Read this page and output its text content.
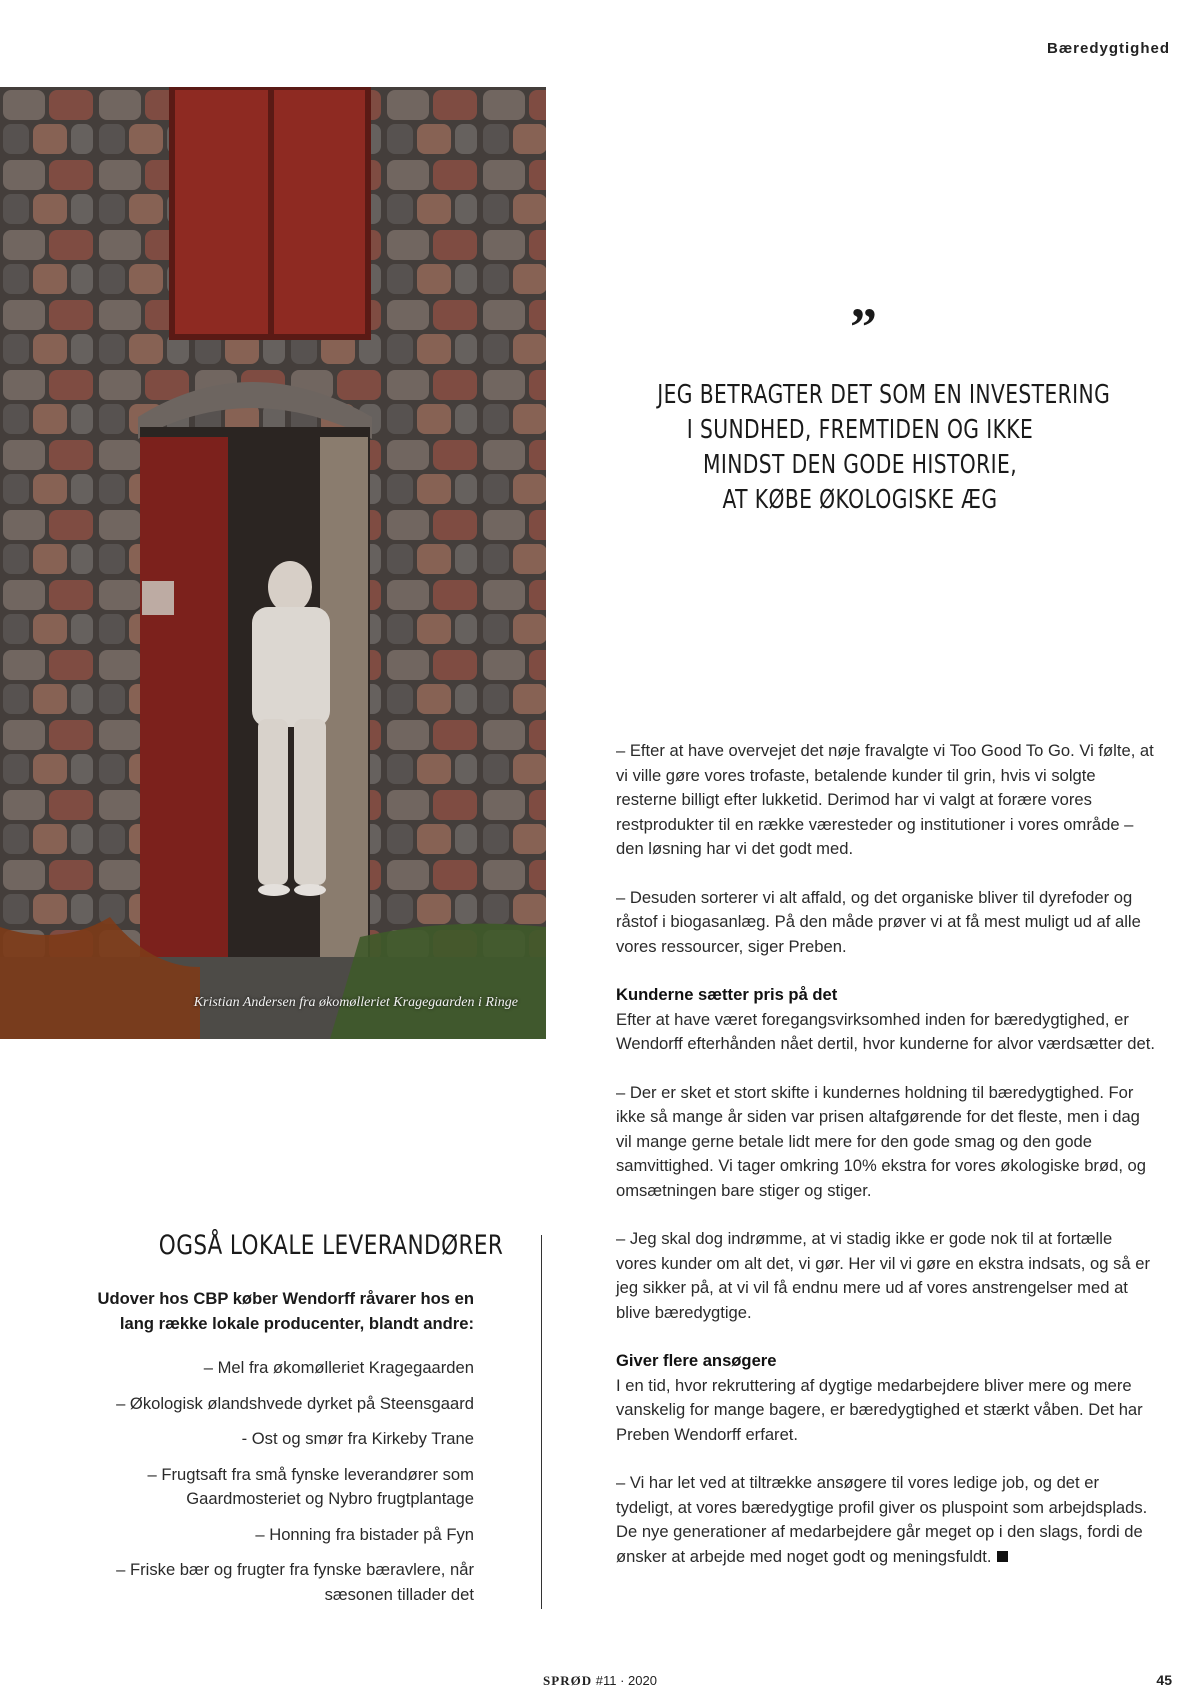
Bæredygtighed
Kristian Andersen fra økomølleriet Kragegaarden i Ringe
”
JEG BETRAGTER DET SOM EN INVESTERING
I SUNDHED, FREMTIDEN OG IKKE
MINDST DEN GODE HISTORIE,
AT KØBE ØKOLOGISKE ÆG

– Efter at have overvejet det nøje fravalgte vi Too Good To Go. Vi følte, at vi ville gøre vores trofaste, betalende kunder til grin, hvis vi solgte resterne billigt efter lukketid. Derimod har vi valgt at forære vores restprodukter til en række væresteder og institutioner i vores område – den løsning har vi det godt med.

– Desuden sorterer vi alt affald, og det organiske bliver til dyrefoder og råstof i biogasanlæg. På den måde prøver vi at få mest muligt ud af alle vores ressourcer, siger Preben.

Kunderne sætter pris på det
Efter at have været foregangsvirksomhed inden for bæredygtighed, er Wendorff efterhånden nået dertil, hvor kunderne for alvor værdsætter det.

– Der er sket et stort skifte i kundernes holdning til bæredygtighed. For ikke så mange år siden var prisen altafgørende for det fleste, men i dag vil mange gerne betale lidt mere for den gode smag og den gode samvittighed. Vi tager omkring 10% ekstra for vores økologiske brød, og omsætningen bare stiger og stiger.

– Jeg skal dog indrømme, at vi stadig ikke er gode nok til at fortælle vores kunder om alt det, vi gør. Her vil vi gøre en ekstra indsats, og så er jeg sikker på, at vi vil få endnu mere ud af vores anstrengelser med at blive bæredygtige.

Giver flere ansøgere
I en tid, hvor rekruttering af dygtige medarbejdere bliver mere og mere vanskelig for mange bagere, er bæredygtighed et stærkt våben. Det har Preben Wendorff erfaret.

– Vi har let ved at tiltrække ansøgere til vores ledige job, og det er tydeligt, at vores bæredygtige profil giver os pluspoint som arbejdsplads. De nye generationer af medarbejdere går meget op i den slags, fordi de ønsker at arbejde med noget godt og meningsfuldt.

OGSÅ LOKALE LEVERANDØRER

Udover hos CBP køber Wendorff råvarer hos en lang række lokale producenter, blandt andre:

– Mel fra økomølleriet Kragegaarden
– Økologisk ølandshvede dyrket på Steensgaard
- Ost og smør fra Kirkeby Trane
– Frugtsaft fra små fynske leverandører som Gaardmosteriet og Nybro frugtplantage
– Honning fra bistader på Fyn
– Friske bær og frugter fra fynske bæravlere, når sæsonen tillader det
SPRØD #11 · 2020	45
